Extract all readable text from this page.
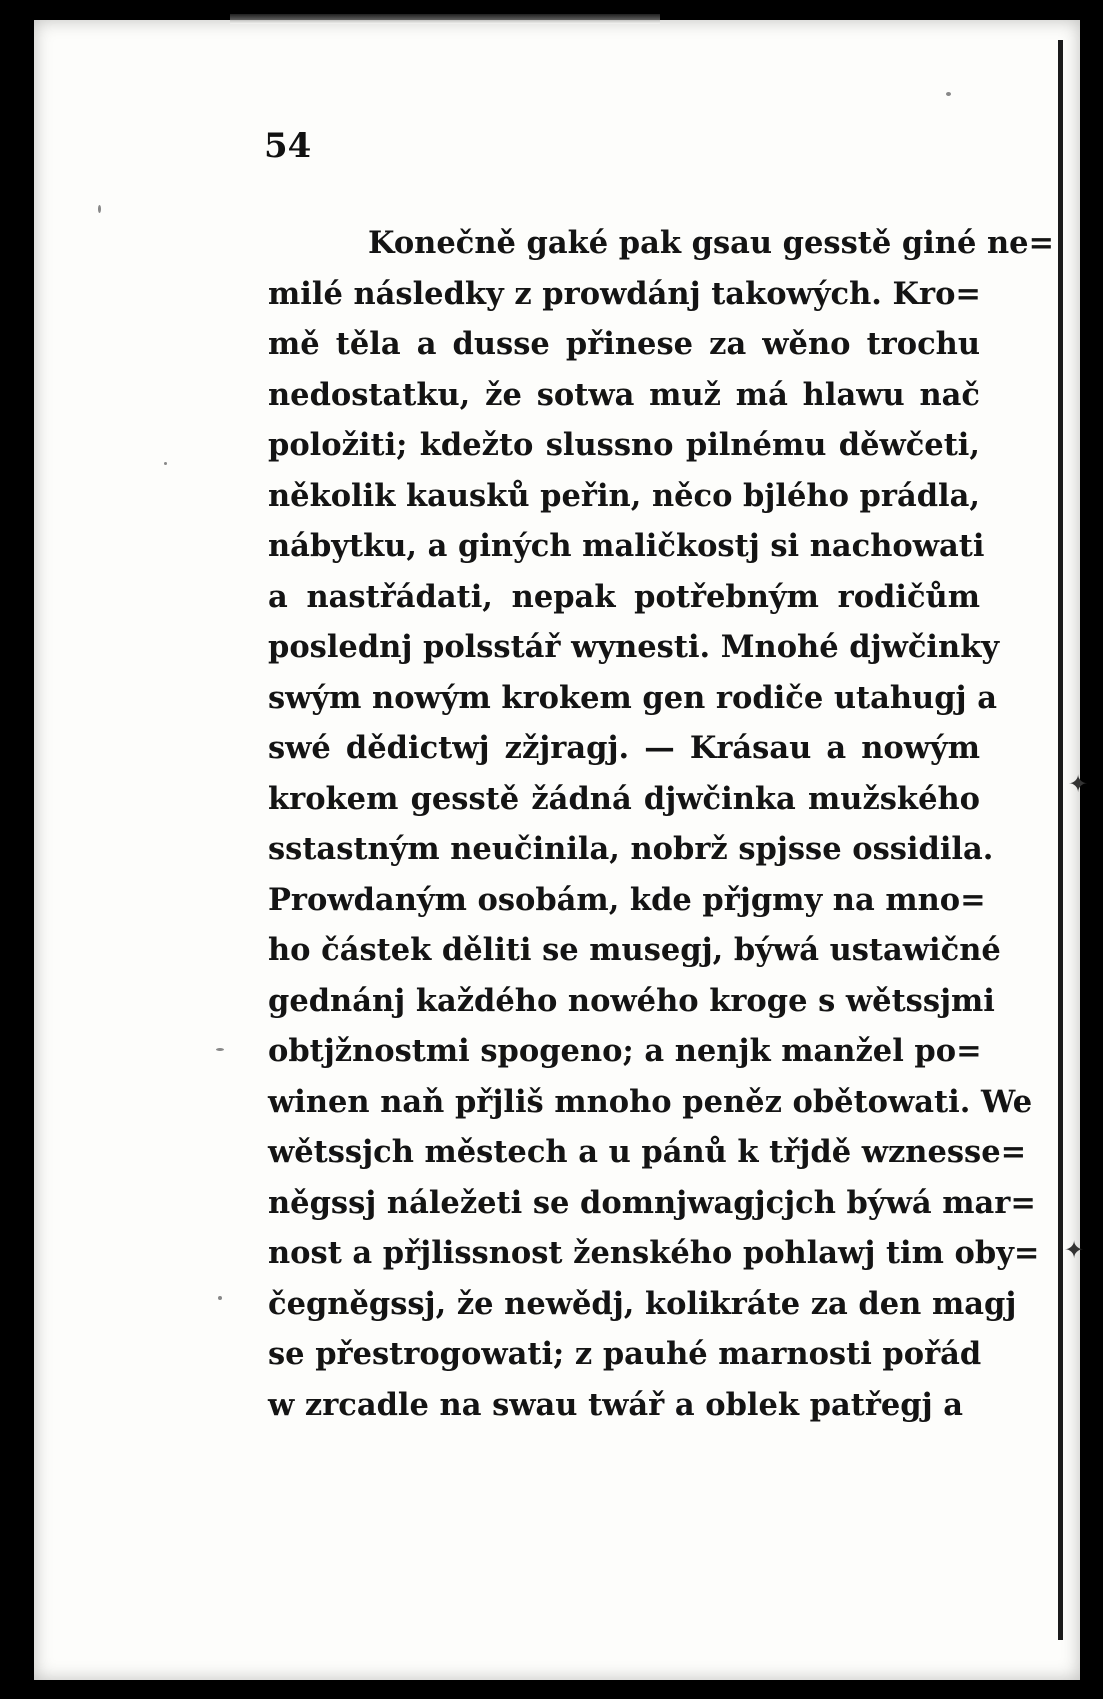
54
Konečně gaké pak gsau gesstě giné ne=
milé následky z prowdánj takowých. Kro=
mě těla a dusse přinese za wěno trochu
nedostatku, že sotwa muž má hlawu nač
položiti; kdežto slussno pilnému děwčeti,
několik kausků peřin, něco bjlého prádla,
nábytku, a giných maličkostj si nachowati
a nastřádati, nepak potřebným rodičům
poslednj polsstář wynesti. Mnohé djwčinky
swým nowým krokem gen rodiče utahugj a
swé dědictwj zžjragj. — Krásau a nowým
krokem gesstě žádná djwčinka mužského
sstastným neučinila, nobrž spjsse ossidila.
Prowdaným osobám, kde přjgmy na mno=
ho částek děliti se musegj, býwá ustawičné
gednánj každého nowého kroge s wětssjmi
obtjžnostmi spogeno; a nenjk manžel po=
winen naň přjliš mnoho peněz obětowati. We
wětssjch městech a u pánů k třjdě wznesse=
něgssj náležeti se domnjwagjcjch býwá mar=
nost a přjlissnost ženského pohlawj tim oby=
čegněgssj, že newědj, kolikráte za den magj
se přestrogowati; z pauhé marnosti pořád
w zrcadle na swau twář a oblek patřegj a
✦
✦
